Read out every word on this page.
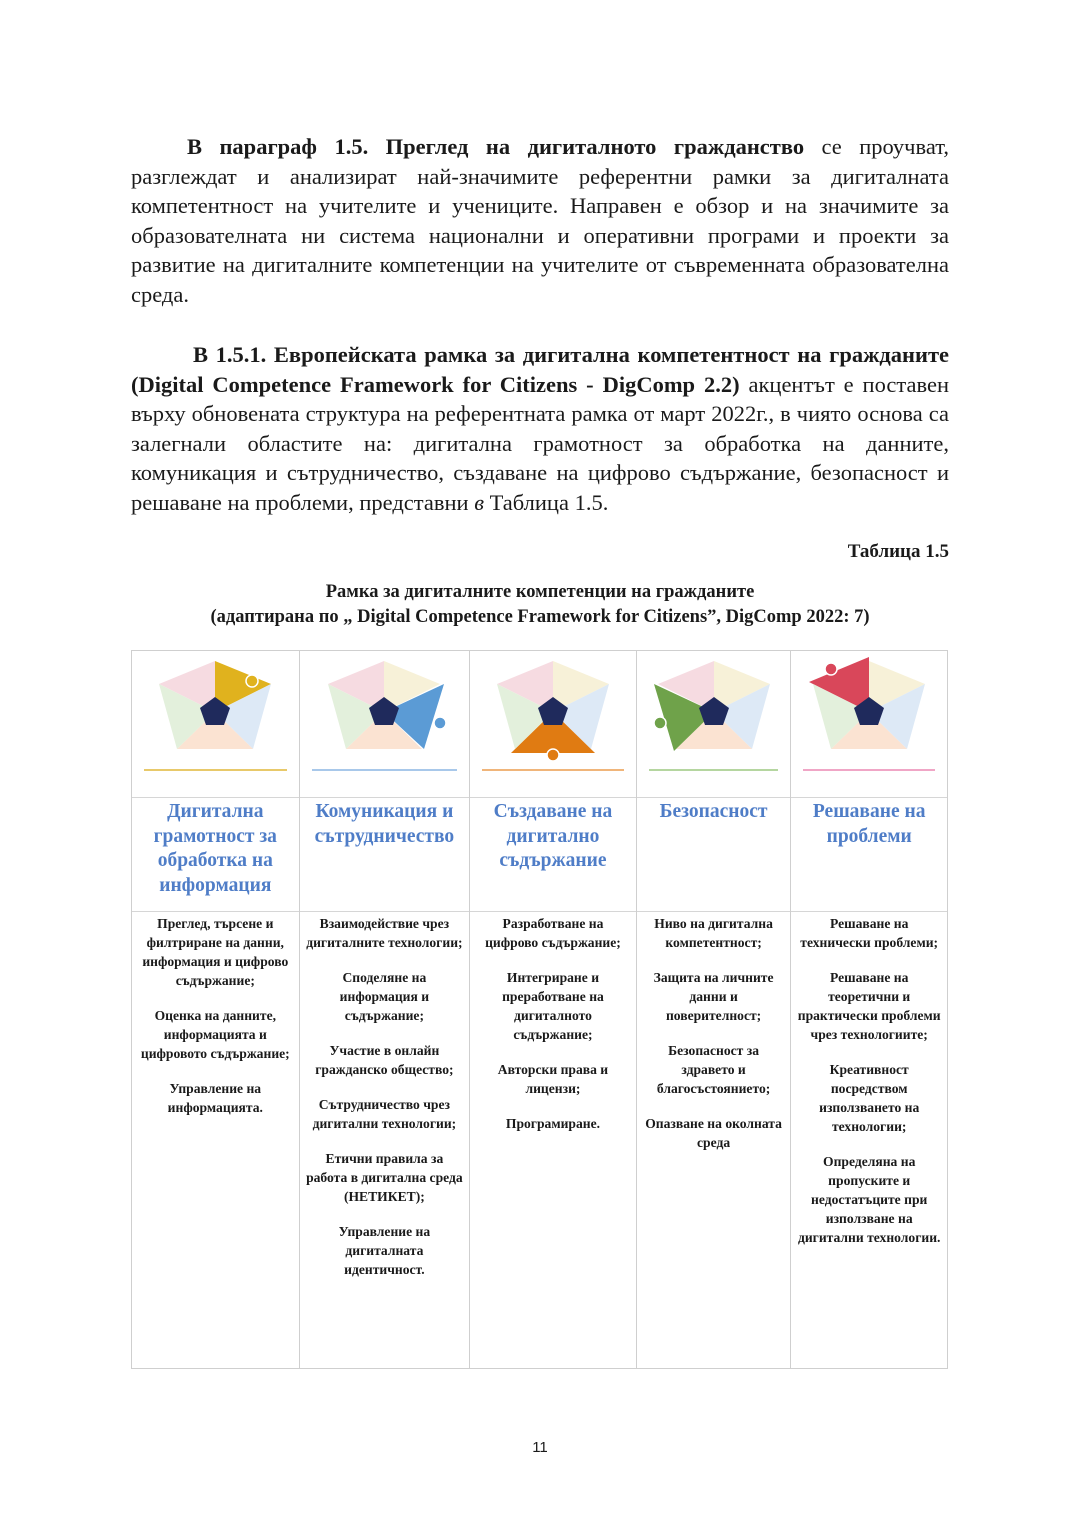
В параграф 1.5. Преглед на дигиталното гражданство се проучват, разглеждат и анализират най-значимите референтни рамки за дигиталната компетентност на учителите и учениците. Направен е обзор и на значимите за образователната ни система национални и оперативни програми и проекти за развитие на дигиталните компетенции на учителите от съвременната образователна среда.

В 1.5.1. Европейската рамка за дигитална компетентност на гражданите (Digital Competence Framework for Citizens - DigComp 2.2) акцентът е поставен върху обновената структура на референтната рамка от март 2022г., в чиято основа са залегнали областите на: дигитална грамотност за обработка на данните, комуникация и сътрудничество, създаване на цифрово съдържание, безопасност и решаване на проблеми, представни в Таблица 1.5.

Таблица 1.5
Рамка за дигиталните компетенции на гражданите
(адаптирана по „ Digital Competence Framework for Citizens”, DigComp 2022: 7)
Дигитална грамотност за обработка на информация

Преглед, търсене и филтриране на данни, информация и цифрово съдържание;

Оценка на данните, информацията и цифровото съдържание;

Управление на информацията.

Комуникация и сътрудничество

Взаимодействие чрез дигиталните технологии;

Споделяне на информация и съдържание;

Участие в онлайн гражданско общество;

Сътрудничество чрез дигитални технологии;

Етични правила за работа в дигитална среда (НЕТИКЕТ);

Управление на дигиталната идентичност.

Създаване на дигитално съдържание

Разработване на цифрово съдържание;

Интегриране и преработване на дигиталното съдържание;

Авторски права и лицензи;

Програмиране.

Безопасност

Ниво на дигитална компетентност;

Защита на личните данни и поверителност;

Безопасност за здравето и благосъстоянието;

Опазване на околната среда

Решаване на проблеми

Решаване на технически проблеми;

Решаване на теоретични и практически проблеми чрез технологиите;

Креативност посредством използването на технологии;

Определяна на пропуските и недостатъците при използване на дигитални технологии.

11
